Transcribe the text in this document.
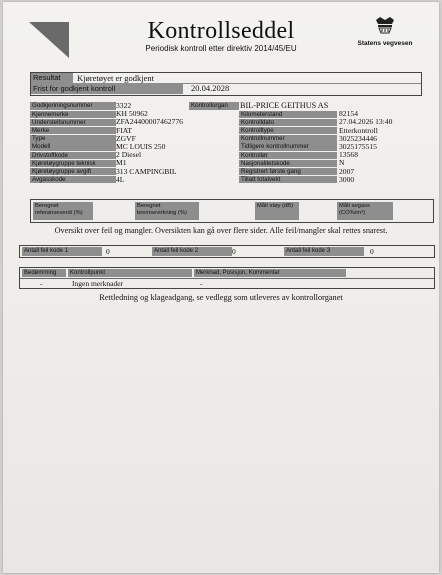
Kontrollseddel
Periodisk kontroll etter direktiv 2014/45/EU
Statens vegvesen
Resultat	Kjøretøyet er godkjent
Frist for godkjent kontroll	20.04.2028
Godkjenningsnummer	3322	Kontrollorgan	BIL-PRICE GEITHUS AS
Kjennemerke	KH 50962	Kilometerstand	82154
Understellsnummer	ZFA24400007462776	Kontrolldato	27.04.2026 13:40
Merke	FIAT	Kontrolltype	Etterkontroll
Type	ZGVF	Kontrollnummer	3025234446
Modell	MC LOUIS 250	Tidligere kontrollnummer	3025175515
Drivstoffkode	2 Diesel	Kontrollør	13568
Kjøretøygruppe teknisk	M1	Nasjonalitetskode	N
Kjøretøygruppe avgift	313 CAMPINGBIL	Registrert første gang	2007
Avgasskode	4L	Tillatt totalvekt	3000
Beregnet referanseverdi (%)
Beregnet bremsevirkning (%)
Målt støy (dB)	Målt avgass (CO%/m³)
Oversikt over feil og mangler. Oversikten kan gå over flere sider. Alle feil/mangler skal rettes snarest.
Antall feil kode 1	0	Antall feil kode 2	0	Antall feil kode 3	0
Bedømming	Kontrollpunkt	Merknad, Posisjon, Kommentar
-	Ingen merknader	-
Rettledning og klageadgang, se vedlegg som utleveres av kontrollorganet
